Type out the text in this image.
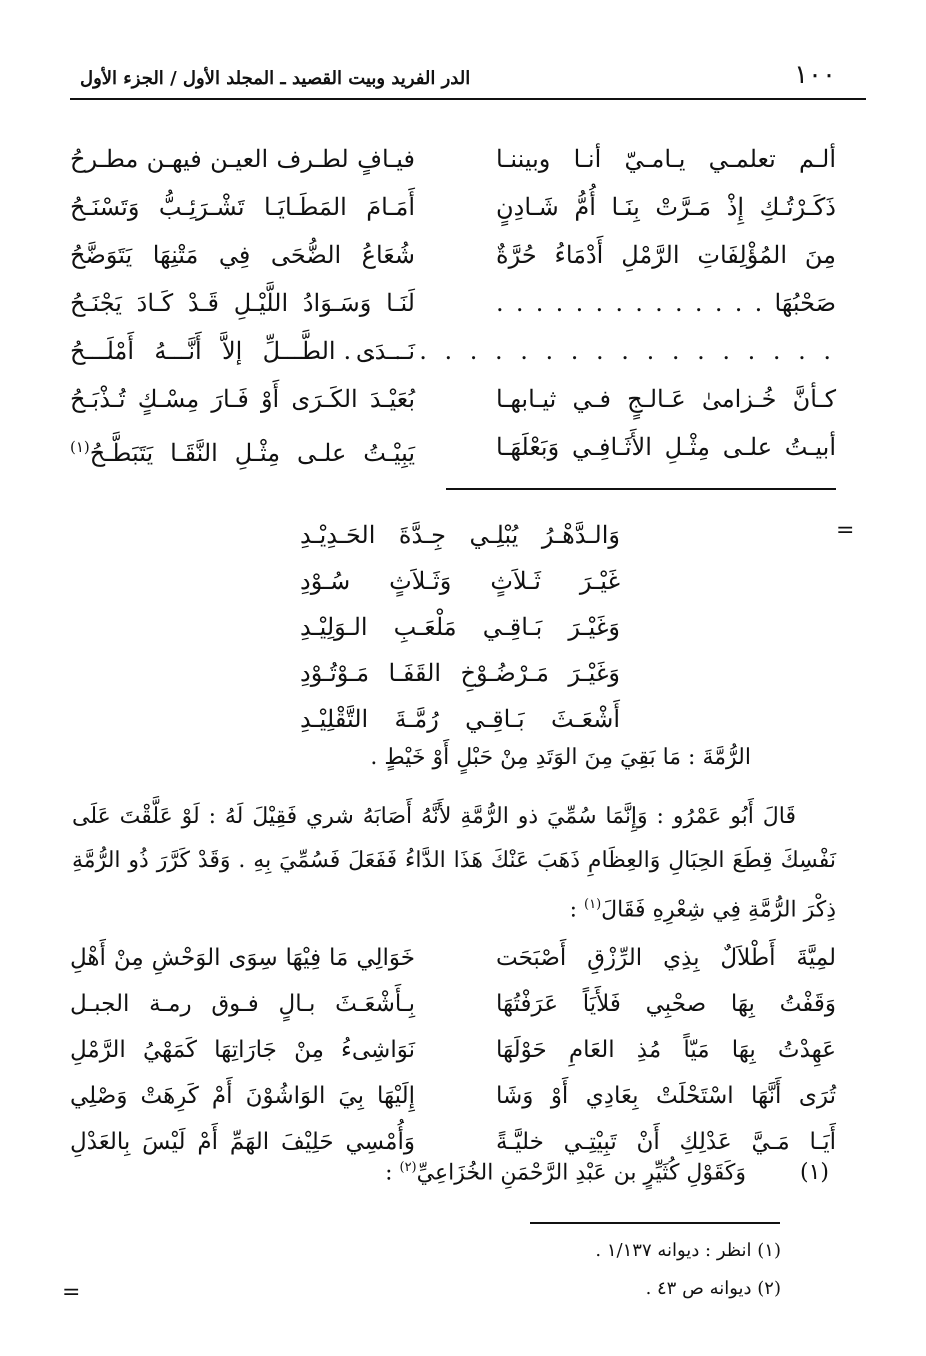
١٠٠
الدر الفريد وبيت القصيد ـ المجلد الأول / الجزء الأول
ألـم تعلمـي يـامـيّ أنـا وبيننـا
فيـافٍ لطـرف العيـن فيهـن مطـرحُ
ذَكَـرْتُـكِ إِذْ مَـرَّتْ بِنَـا أُمُّ شَـادِنٍ
أَمَـامَ المَطَـايَـا تَشْـرَئِـبُّ وَتَسْنَـحُ
مِنَ المُؤْلِفَاتِ الرَّمْلِ أَدْمَاءُ حُرَّةٌ
شُعَاعُ الضُّحَى فِي مَتْنِهَا يَتَوَضَّحُ
صَحْبُهَا . . . . . . . . . . . . . .
لَنَـا وَسَـوَادُ اللَّيْـلِ قَـدْ كَـادَ يَجْنَـحُ
. . . . . . . . . . . . . . . . . . . .
نَـــدَى الطَّـــلِّ إلاَّ أَنَّـــهُ أَمْلَـــحُ
كـأنَّ خُـزامىٰ عَـالـجٍ فـي ثيـابهـا
بُعَيْـدَ الكَـرَى أَوْ فَـارَ مِسْـكٍ تُـذْبَـحُ
أبيـتُ علـى مِثْـلِ الأَثَـافِـي وَبَعْلَهَـا
يَبِيْـتُ علـى مِثْـلِ النَّقَـا يَتَبَطَّـحُ$^{(١)}$
=
وَالـدَّهْـرُ يُبْلِـي جِـدَّةَ الحَـدِيْـدِ
غَيْـرَ ثَـلاَثٍ وَثَـلاَثٍ سُـوْدِ
وَغَيْـرَ بَـاقِـي مَلْعَـبِ الـوَلِيْـدِ
وَغَيْـرَ مَـرْضُـوْخِ القَفَـا مَـوْتُـوْدِ
أَشْعَـثَ بَـاقِـي رُمَّـةَ التَّقْلِيْـدِ
الرُّمَّةَ : مَا بَقِيَ مِنَ الوَتَدِ مِنْ حَبْلٍ أَوْ خَيْطٍ .
قَالَ أَبُو عَمْرُو : وَإِنَّمَا سُمِّيَ ذو الرُّمَّةِ لأَنَّهُ أَصَابَهُ شري فَقِيْلَ لَهُ : لَوْ عَلَّقْتَ عَلَى نَفْسِكَ قِطَعَ الحِبَالِ وَالعِظَامِ ذَهَبَ عَنْكَ هَذَا الدَّاءُ فَفَعَلَ فَسُمِّيَ بِهِ . وَقَدْ كَرَّرَ ذُو الرُّمَّةِ ذِكْرَ الرُّمَّةِ فِي شِعْرِهِ فَقَالَ$^{(١)}$ :
لمِيَّةَ أَطْلاَلٌ بِذِي الرِّزْقِ أَصْبَحَت
خَوَالِي مَا فِيْهَا سِوَى الوَحْشِ مِنْ أَهْلِ
وَقَفْتُ بِهَا صحْبِي فَلأَيَاً عَرَفْتُهَا
بِـأَشْعَـثَ بـالٍ فـوق رمـة الجبـل
عَهِدْتُ بِهَا مَيّاً مُذِ العَامِ حَوْلَهَا
نَوَاشِىءُ مِنْ جَارَاتِهَا كَمَهْيُ الرَّمْلِ
تُرَى أَنَّهَا اسْتَحْلَتْ بِعَادِي أَوْ وَشَا
إِلَيْهَا بِيَ الوَاشُوْنَ أَمْ كَرِهَتْ وَصْلِي
أَيَـا مَـيَّ عَدْلِكِ أَنْ تَبِيْتِـي خليَّـةً
وَأُمْسِي حَلِيْفَ الهَمِّ أَمْ لَيْسَ بِالعَدْلِ
(١)
وَكَقَوْلِ كُثَيِّرٍ بن عَبْدِ الرَّحْمَنِ الخُزَاعِيِّ$^{(٢)}$ :
(١) انظر : ديوانه ١/١٣٧ .
(٢) ديوانه ص ٤٣ .
=
